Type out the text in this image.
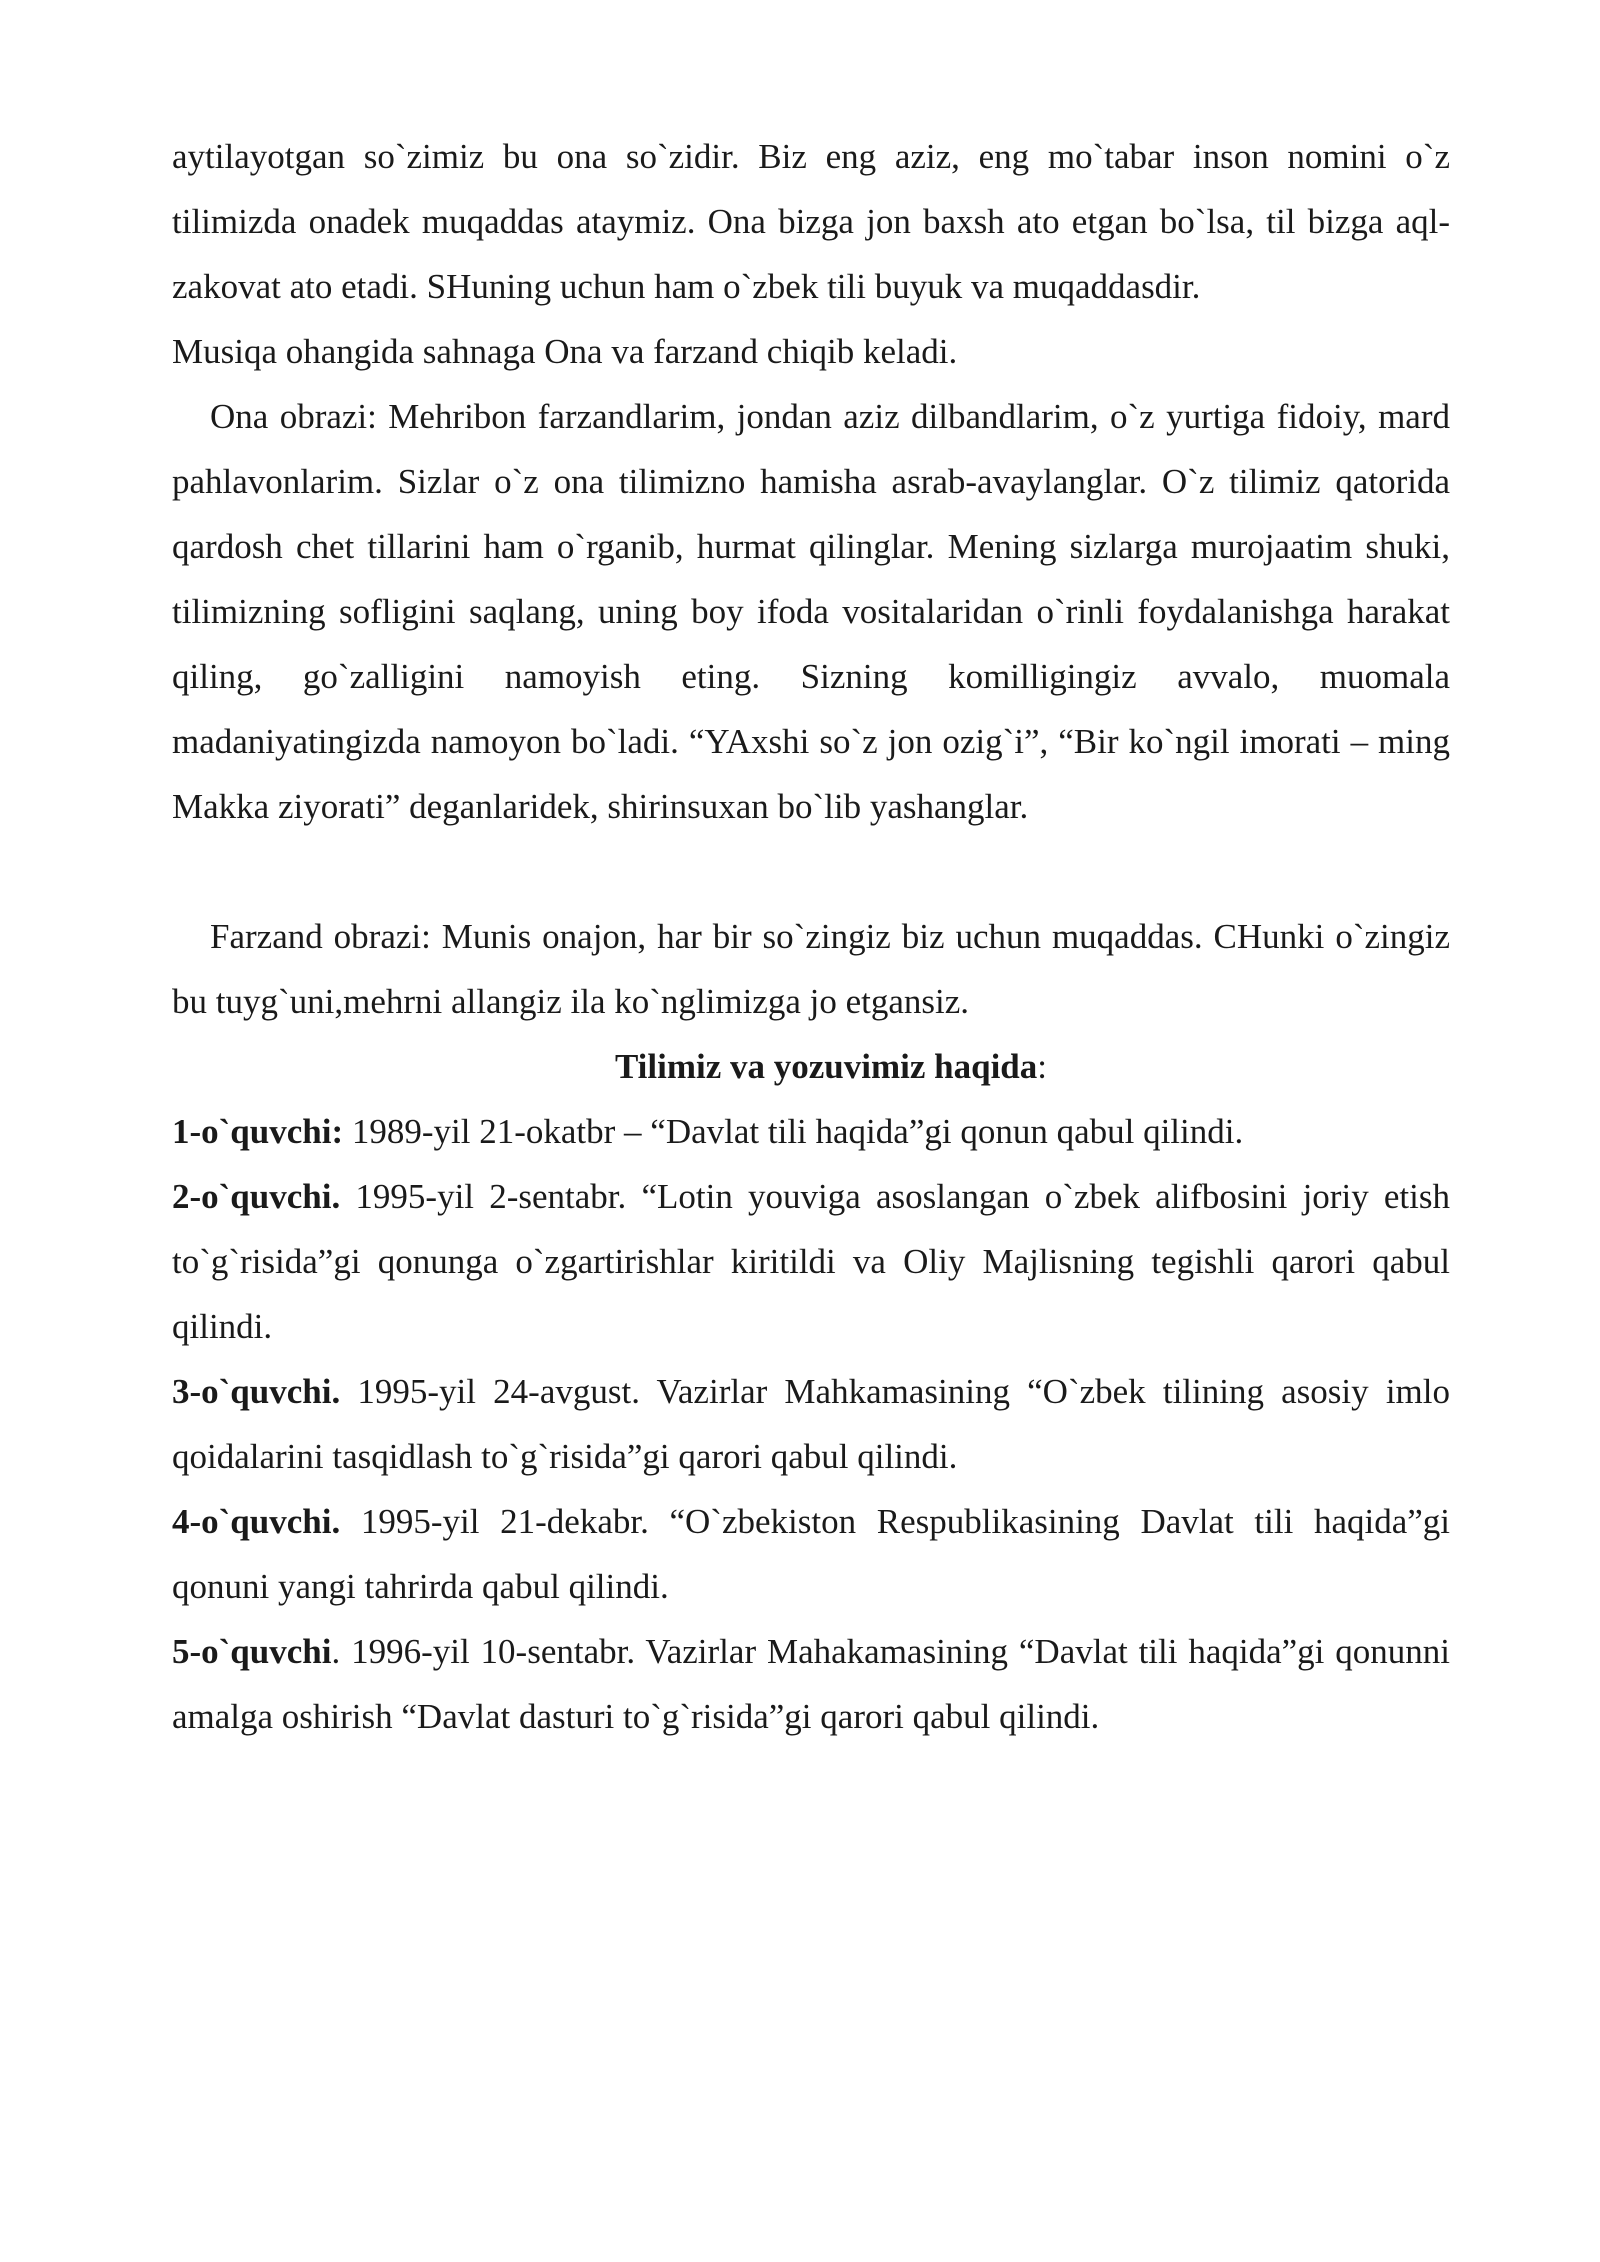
aytilayotgan so`zimiz bu ona so`zidir. Biz eng aziz, eng mo`tabar inson nomini o`z tilimizda onadek muqaddas ataymiz. Ona bizga jon baxsh ato etgan bo`lsa, til bizga aql-zakovat ato etadi. SHuning uchun ham o`zbek tili buyuk va muqaddasdir.

Musiqa ohangida sahnaga Ona va farzand chiqib keladi.

Ona obrazi: Mehribon farzandlarim, jondan aziz dilbandlarim, o`z yurtiga fidoiy, mard pahlavonlarim. Sizlar o`z ona tilimizno hamisha asrab-avaylanglar. O`z tilimiz qatorida qardosh chet tillarini ham o`rganib, hurmat qilinglar. Mening sizlarga murojaatim shuki, tilimizning sofligini saqlang, uning boy ifoda vositalaridan o`rinli foydalanishga harakat qiling, go`zalligini namoyish eting. Sizning komilligingiz avvalo, muomala madaniyatingizda namoyon bo`ladi. “YAxshi so`z jon ozig`i”, “Bir ko`ngil imorati – ming Makka ziyorati” deganlaridek, shirinsuxan bo`lib yashanglar.

Farzand obrazi: Munis onajon, har bir so`zingiz biz uchun muqaddas. CHunki o`zingiz bu tuyg`uni,mehrni allangiz ila ko`nglimizga jo etgansiz.

Tilimiz va yozuvimiz haqida:

1-o`quvchi: 1989-yil 21-okatbr – “Davlat tili haqida”gi qonun qabul qilindi.

2-o`quvchi. 1995-yil 2-sentabr. “Lotin youviga asoslangan o`zbek alifbosini joriy etish to`g`risida”gi qonunga o`zgartirishlar kiritildi va Oliy Majlisning tegishli qarori qabul qilindi.

3-o`quvchi. 1995-yil 24-avgust. Vazirlar Mahkamasining “O`zbek tilining asosiy imlo qoidalarini tasqidlash to`g`risida”gi qarori qabul qilindi.

4-o`quvchi. 1995-yil 21-dekabr. “O`zbekiston Respublikasining Davlat tili haqida”gi qonuni yangi tahrirda qabul qilindi.

5-o`quvchi. 1996-yil 10-sentabr. Vazirlar Mahakamasining “Davlat tili haqida”gi qonunni amalga oshirish “Davlat dasturi to`g`risida”gi qarori qabul qilindi.
